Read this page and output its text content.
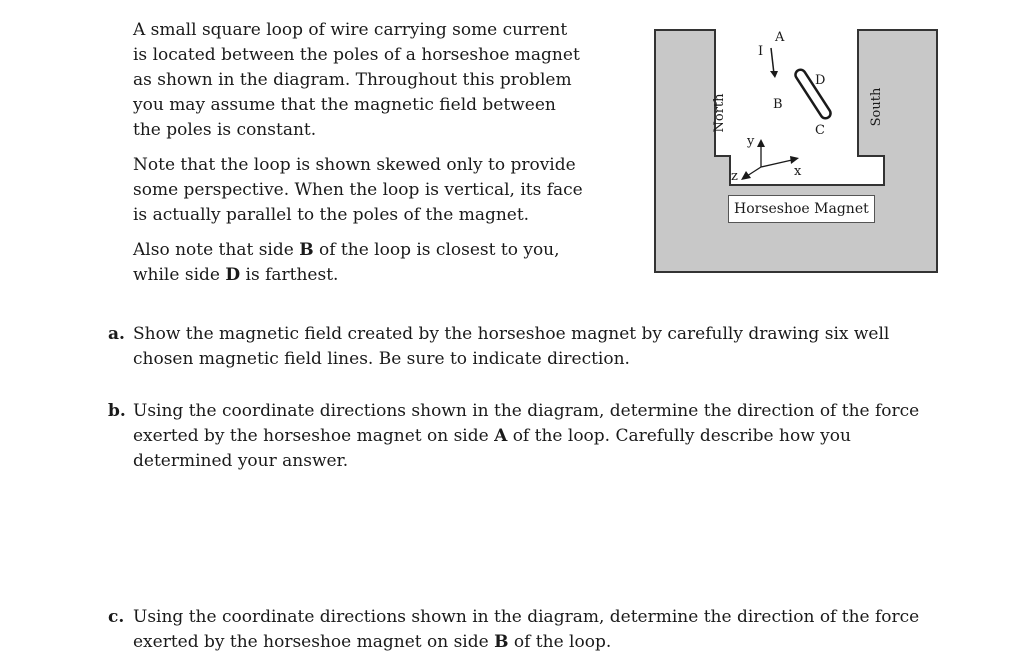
A small square loop of wire carrying some current is located between the poles of a horseshoe magnet as shown in the diagram. Throughout this problem you may assume that the magnetic field between the poles is constant.

Note that the loop is shown skewed only to provide some perspective. When the loop is vertical, its face is actually parallel to the poles of the magnet.

Also note that side B of the loop is closest to you, while side D is farthest.

North	South
I
A
B
C
D
y
x
z
Horseshoe Magnet
a. Show the magnetic field created by the horseshoe magnet by carefully drawing six well chosen magnetic field lines. Be sure to indicate direction.
b. Using the coordinate directions shown in the diagram, determine the direction of the force exerted by the horseshoe magnet on side A of the loop. Carefully describe how you determined your answer.
c. Using the coordinate directions shown in the diagram, determine the direction of the force exerted by the horseshoe magnet on side B of the loop.
